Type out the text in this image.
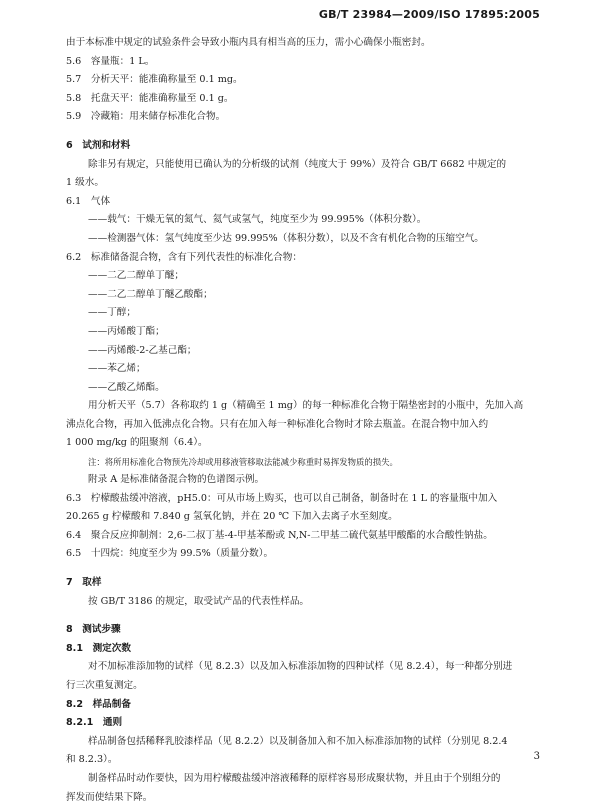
GB/T 23984—2009/ISO 17895:2005
由于本标准中规定的试验条件会导致小瓶内具有相当高的压力，需小心确保小瓶密封。
5.6　容量瓶：1 L。
5.7　分析天平：能准确称量至 0.1 mg。
5.8　托盘天平：能准确称量至 0.1 g。
5.9　冷藏箱：用来储存标准化合物。
6　试剂和材料
除非另有规定，只能使用已确认为的分析级的试剂（纯度大于 99%）及符合 GB/T 6682 中规定的
1 级水。
6.1　气体
——载气：干燥无氧的氮气、氦气或氢气，纯度至少为 99.995%（体积分数）。
——检测器气体：氢气纯度至少达 99.995%（体积分数），以及不含有机化合物的压缩空气。
6.2　标准储备混合物，含有下列代表性的标准化合物：
——二乙二醇单丁醚；
——二乙二醇单丁醚乙酸酯；
——丁醇；
——丙烯酸丁酯；
——丙烯酸-2-乙基己酯；
——苯乙烯；
——乙酸乙烯酯。
用分析天平（5.7）各称取约 1 g（精确至 1 mg）的每一种标准化合物于隔垫密封的小瓶中，先加入高
沸点化合物，再加入低沸点化合物。只有在加入每一种标准化合物时才除去瓶盖。在混合物中加入约
1 000 mg/kg 的阻聚剂（6.4）。
注：将所用标准化合物预先冷却或用移液管移取法能减少称重时易挥发物质的损失。
附录 A 是标准储备混合物的色谱图示例。
6.3　柠檬酸盐缓冲溶液，pH5.0：可从市场上购买，也可以自己制备，制备时在 1 L 的容量瓶中加入
20.265 g 柠檬酸和 7.840 g 氢氧化钠，并在 20 ℃ 下加入去离子水至刻度。
6.4　聚合反应抑制剂：2,6-二叔丁基-4-甲基苯酚或 N,N-二甲基二硫代氨基甲酸酯的水合酸性钠盐。
6.5　十四烷：纯度至少为 99.5%（质量分数）。
7　取样
按 GB/T 3186 的规定，取受试产品的代表性样品。
8　测试步骤
8.1　测定次数
对不加标准添加物的试样（见 8.2.3）以及加入标准添加物的四种试样（见 8.2.4），每一种都分别进
行三次重复测定。
8.2　样品制备
8.2.1　通则
样品制备包括稀释乳胶漆样品（见 8.2.2）以及制备加入和不加入标准添加物的试样（分别见 8.2.4
和 8.2.3）。
制备样品时动作要快，因为用柠檬酸盐缓冲溶液稀释的原样容易形成聚状物，并且由于个别组分的
挥发而使结果下降。
3
